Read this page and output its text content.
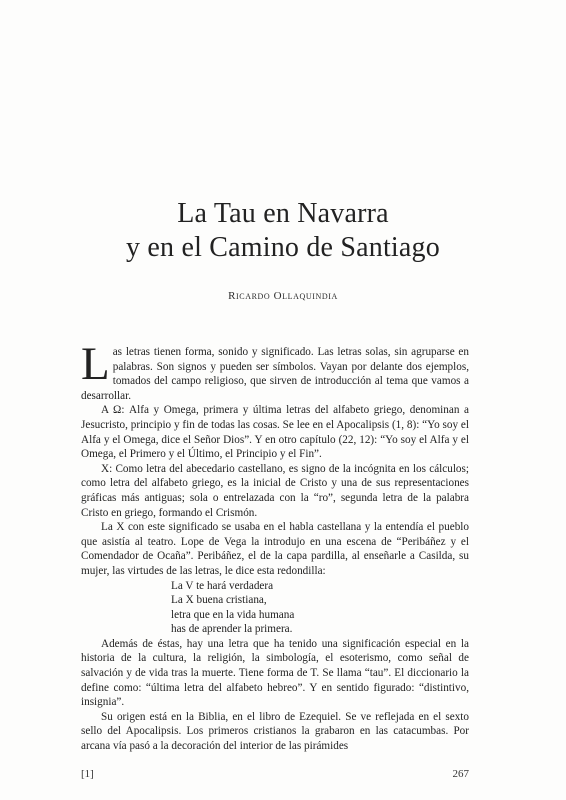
La Tau en Navarra
y en el Camino de Santiago
Ricardo Ollaquindia

Las letras tienen forma, sonido y significado. Las letras solas, sin agruparse en palabras. Son signos y pueden ser símbolos. Vayan por delante dos ejemplos, tomados del campo religioso, que sirven de introducción al tema que vamos a desarrollar.

A Ω: Alfa y Omega, primera y última letras del alfabeto griego, denominan a Jesucristo, principio y fin de todas las cosas. Se lee en el Apocalipsis (1, 8): “Yo soy el Alfa y el Omega, dice el Señor Dios”. Y en otro capítulo (22, 12): “Yo soy el Alfa y el Omega, el Primero y el Último, el Principio y el Fin”.

X: Como letra del abecedario castellano, es signo de la incógnita en los cálculos; como letra del alfabeto griego, es la inicial de Cristo y una de sus representaciones gráficas más antiguas; sola o entrelazada con la “ro”, segunda letra de la palabra Cristo en griego, formando el Crismón.

La X con este significado se usaba en el habla castellana y la entendía el pueblo que asistía al teatro. Lope de Vega la introdujo en una escena de “Peribáñez y el Comendador de Ocaña”. Peribáñez, el de la capa pardilla, al enseñarle a Casilda, su mujer, las virtudes de las letras, le dice esta redondilla:

La V te hará verdadera
La X buena cristiana,
letra que en la vida humana
has de aprender la primera.

Además de éstas, hay una letra que ha tenido una significación especial en la historia de la cultura, la religión, la simbología, el esoterismo, como señal de salvación y de vida tras la muerte. Tiene forma de T. Se llama “tau”. El diccionario la define como: “última letra del alfabeto hebreo”. Y en sentido figurado: “distintivo, insignia”.

Su origen está en la Biblia, en el libro de Ezequiel. Se ve reflejada en el sexto sello del Apocalipsis. Los primeros cristianos la grabaron en las catacumbas. Por arcana vía pasó a la decoración del interior de las pirámides

[1]	267
